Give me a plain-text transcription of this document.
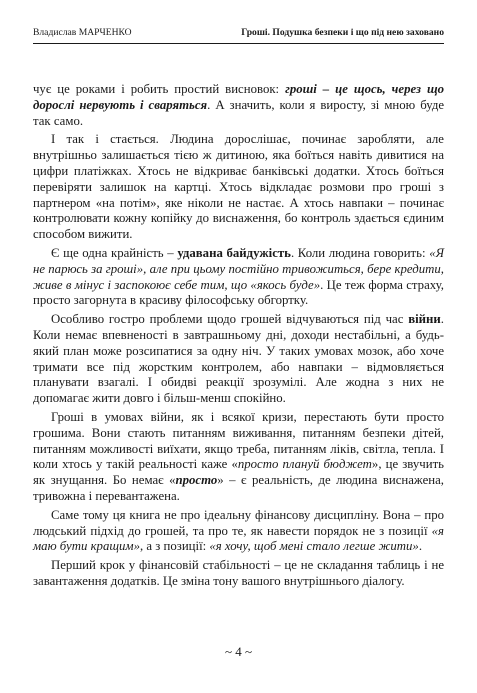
Владислав МАРЧЕНКО	Гроші. Подушка безпеки і що під нею заховано

чує це роками і робить простий висновок: гроші – це щось, через що дорослі нервують і сваряться. А значить, коли я виросту, зі мною буде так само.

І так і стається. Людина дорослішає, починає заробляти, але внутрішньо залишається тією ж дитиною, яка боїться навіть дивитися на цифри платіжках. Хтось не відкриває банківські додатки. Хтось боїться перевіряти залишок на картці. Хтось відкладає розмови про гроші з партнером «на потім», яке ніколи не настає. А хтось навпаки – починає контролювати кожну копійку до виснаження, бо контроль здається єдиним способом вижити.

Є ще одна крайність – удавана байдужість. Коли людина говорить: «Я не парюсь за гроші», але при цьому постійно тривожиться, бере кредити, живе в мінус і заспокоює себе тим, що «якось буде». Це теж форма страху, просто загорнута в красиву філософську обгортку.

Особливо гостро проблеми щодо грошей відчуваються під час війни. Коли немає впевненості в завтрашньому дні, доходи нестабільні, а будь-який план може розсипатися за одну ніч. У таких умовах мозок, або хоче тримати все під жорстким контролем, або навпаки – відмовляється планувати взагалі. І обидві реакції зрозумілі. Але жодна з них не допомагає жити довго і більш-менш спокійно.

Гроші в умовах війни, як і всякої кризи, перестають бути просто грошима. Вони стають питанням виживання, питанням безпеки дітей, питанням можливості виїхати, якщо треба, питанням ліків, світла, тепла. І коли хтось у такій реальності каже «просто плануй бюджет», це звучить як знущання. Бо немає «просто» – є реальність, де людина виснажена, тривожна і перевантажена.

Саме тому ця книга не про ідеальну фінансову дисципліну. Вона – про людський підхід до грошей, та про те, як навести порядок не з позиції «я маю бути кращим», а з позиції: «я хочу, щоб мені стало легше жити».

Перший крок у фінансовій стабільності – це не складання таблиць і не завантаження додатків. Це зміна тону вашого внутрішнього діалогу.

~ 4 ~
